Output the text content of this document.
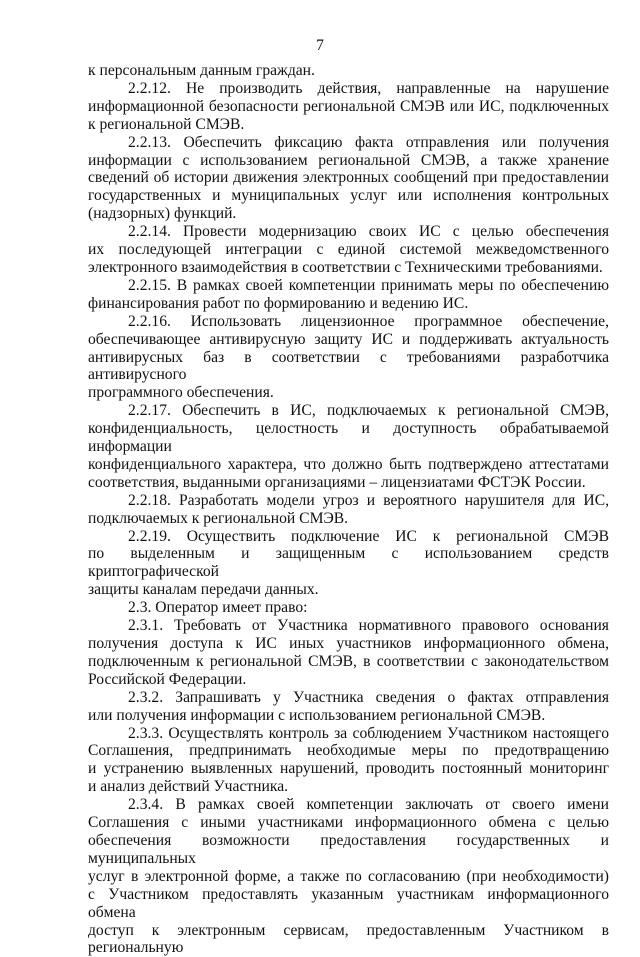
7
к персональным данным граждан.
2.2.12. Не производить действия, направленные на нарушение
информационной безопасности региональной СМЭВ или ИС, подключенных
к региональной СМЭВ.
2.2.13. Обеспечить фиксацию факта отправления или получения
информации с использованием региональной СМЭВ, а также хранение
сведений об истории движения электронных сообщений при предоставлении
государственных и муниципальных услуг или исполнения контрольных
(надзорных) функций.
2.2.14. Провести модернизацию своих ИС с целью обеспечения
их последующей интеграции с единой системой межведомственного
электронного взаимодействия в соответствии с Техническими требованиями.
2.2.15. В рамках своей компетенции принимать меры по обеспечению
финансирования работ по формированию и ведению ИС.
2.2.16. Использовать лицензионное программное обеспечение,
обеспечивающее антивирусную защиту ИС и поддерживать актуальность
антивирусных баз в соответствии с требованиями разработчика антивирусного
программного обеспечения.
2.2.17. Обеспечить в ИС, подключаемых к региональной СМЭВ,
конфиденциальность, целостность и доступность обрабатываемой информации
конфиденциального характера, что должно быть подтверждено аттестатами
соответствия, выданными организациями – лицензиатами ФСТЭК России.
2.2.18. Разработать модели угроз и вероятного нарушителя для ИС,
подключаемых к региональной СМЭВ.
2.2.19. Осуществить подключение ИС к региональной СМЭВ
по выделенным и защищенным с использованием средств криптографической
защиты каналам передачи данных.
2.3. Оператор имеет право:
2.3.1. Требовать от Участника нормативного правового основания
получения доступа к ИС иных участников информационного обмена,
подключенным к региональной СМЭВ, в соответствии с законодательством
Российской Федерации.
2.3.2. Запрашивать у Участника сведения о фактах отправления
или получения информации с использованием региональной СМЭВ.
2.3.3. Осуществлять контроль за соблюдением Участником настоящего
Соглашения, предпринимать необходимые меры по предотвращению
и устранению выявленных нарушений, проводить постоянный мониторинг
и анализ действий Участника.
2.3.4. В рамках своей компетенции заключать от своего имени
Соглашения с иными участниками информационного обмена с целью
обеспечения возможности предоставления государственных и муниципальных
услуг в электронной форме, а также по согласованию (при необходимости)
с Участником предоставлять указанным участникам информационного обмена
доступ к электронным сервисам, предоставленным Участником в региональную
